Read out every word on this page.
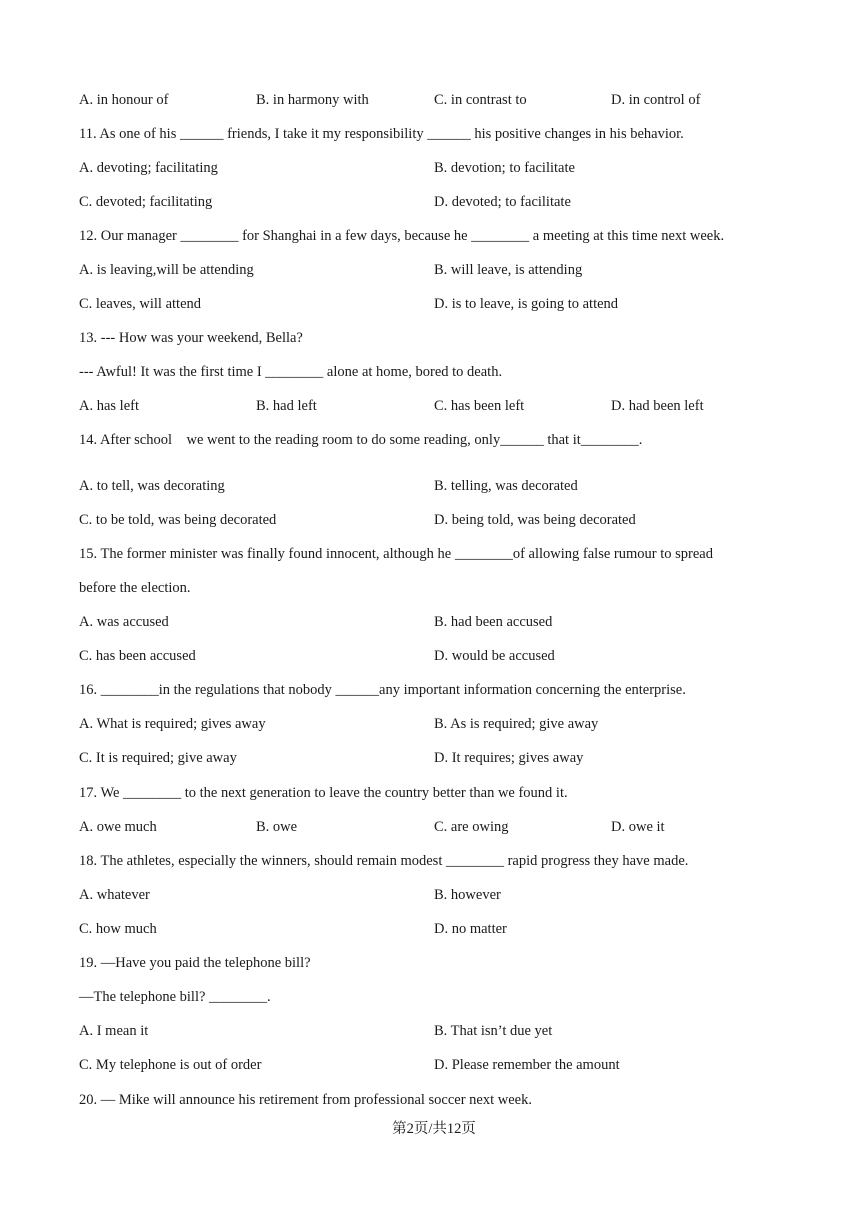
A. in honour of	B. in harmony with	C. in contrast to	D. in control of
11. As one of his ______ friends, I take it my responsibility ______ his positive changes in his behavior.
A. devoting; facilitating	B. devotion; to facilitate
C. devoted; facilitating	D. devoted; to facilitate
12. Our manager ________ for Shanghai in a few days, because he ________ a meeting at this time next week.
A. is leaving,will be attending	B. will leave, is attending
C. leaves, will attend	D. is to leave, is going to attend
13. --- How was your weekend, Bella?
--- Awful! It was the first time I ________ alone at home, bored to death.
A. has left	B. had left	C. has been left	D. had been left
14. After school    we went to the reading room to do some reading, only______ that it________.
A. to tell, was decorating	B. telling, was decorated
C. to be told, was being decorated	D. being told, was being decorated
15. The former minister was finally found innocent, although he ________of allowing false rumour to spread
before the election.
A. was accused	B. had been accused
C. has been accused	D. would be accused
16. ________in the regulations that nobody ______any important information concerning the enterprise.
A. What is required; gives away	B. As is required; give away
C. It is required; give away	D. It requires; gives away
17. We ________ to the next generation to leave the country better than we found it.
A. owe much	B. owe	C. are owing	D. owe it
18. The athletes, especially the winners, should remain modest ________ rapid progress they have made.
A. whatever	B. however
C. how much	D. no matter
19. —Have you paid the telephone bill?
—The telephone bill? ________.
A. I mean it	B. That isn’t due yet
C. My telephone is out of order	D. Please remember the amount
20. — Mike will announce his retirement from professional soccer next week.
第2页/共12页
